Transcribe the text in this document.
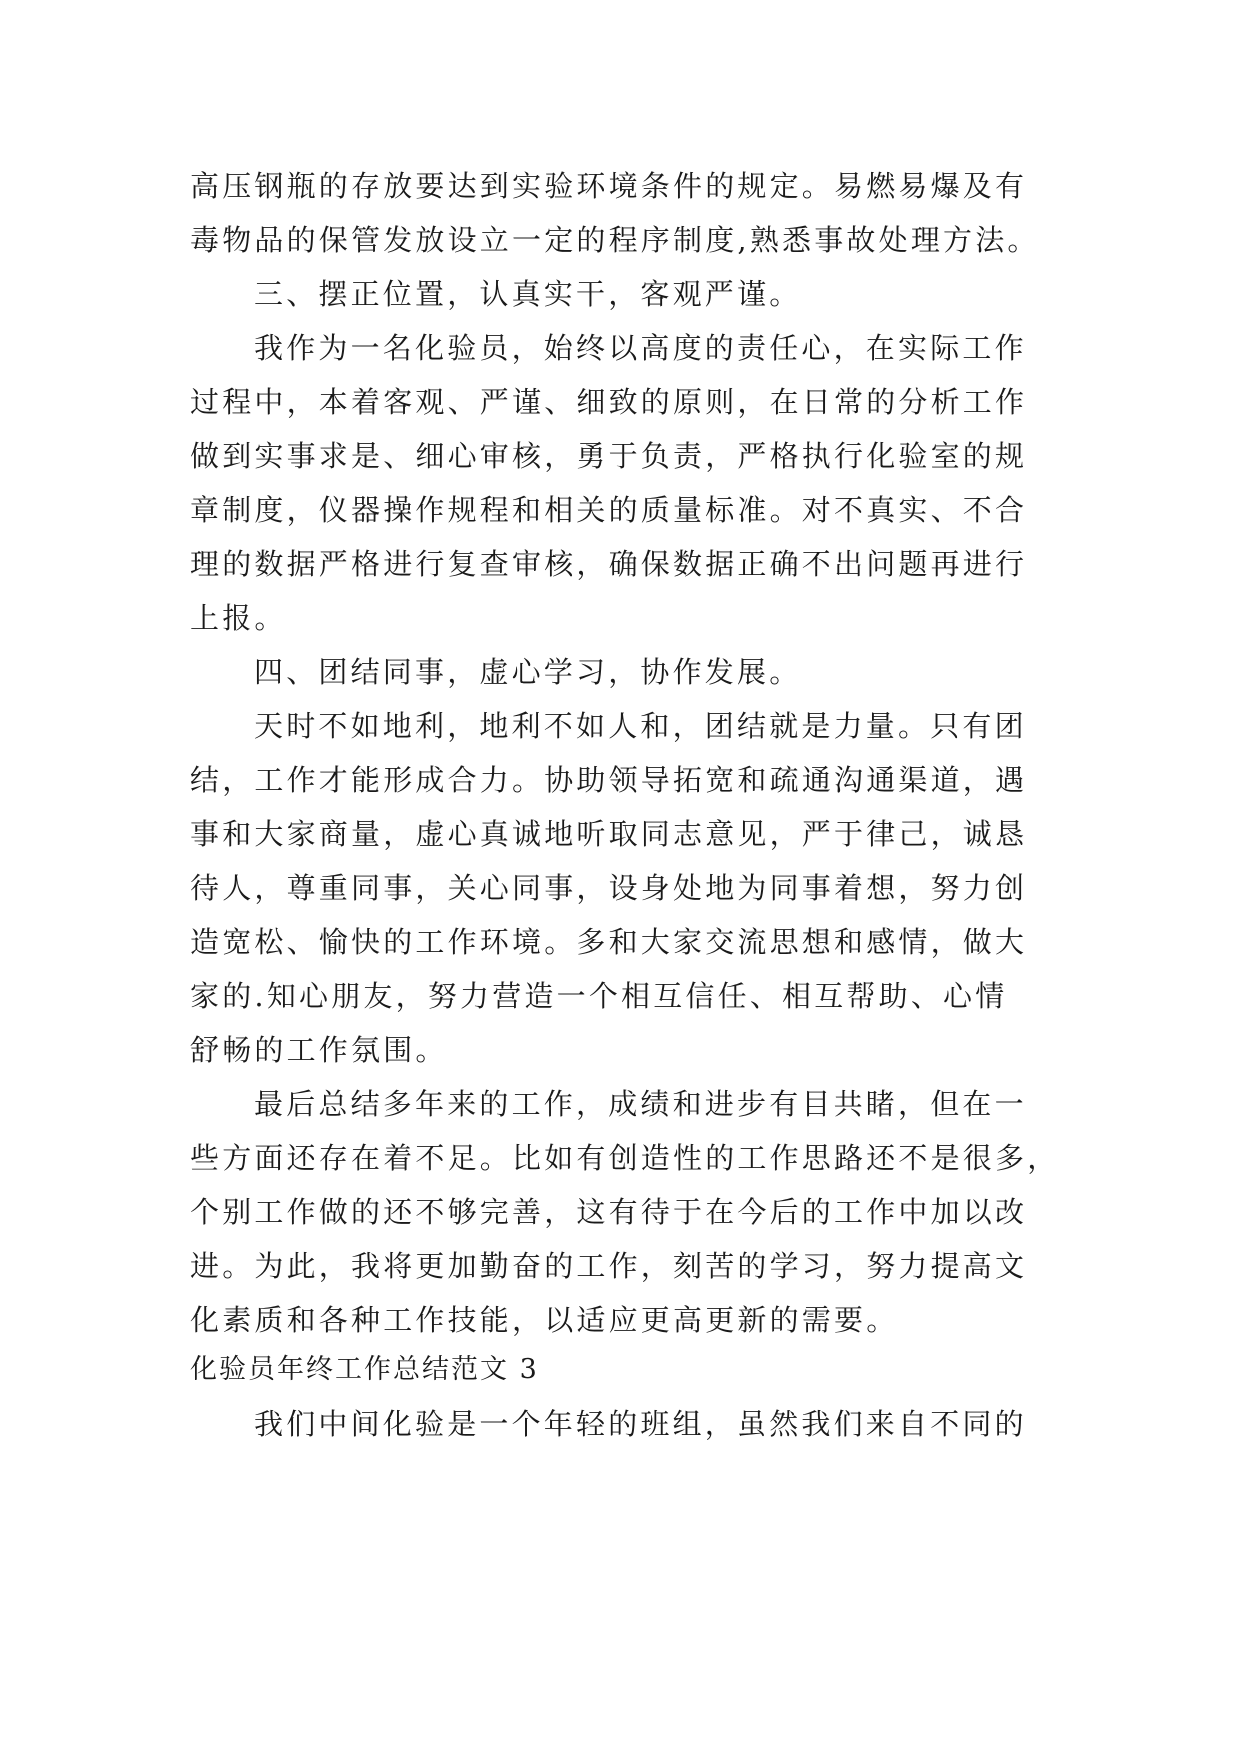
高压钢瓶的存放要达到实验环境条件的规定。易燃易爆及有
毒物品的保管发放设立一定的程序制度,熟悉事故处理方法。
三、摆正位置，认真实干，客观严谨。
我作为一名化验员，始终以高度的责任心，在实际工作
过程中，本着客观、严谨、细致的原则，在日常的分析工作
做到实事求是、细心审核，勇于负责，严格执行化验室的规
章制度，仪器操作规程和相关的质量标准。对不真实、不合
理的数据严格进行复查审核，确保数据正确不出问题再进行
上报。
四、团结同事，虚心学习，协作发展。
天时不如地利，地利不如人和，团结就是力量。只有团
结，工作才能形成合力。协助领导拓宽和疏通沟通渠道，遇
事和大家商量，虚心真诚地听取同志意见，严于律己，诚恳
待人，尊重同事，关心同事，设身处地为同事着想，努力创
造宽松、愉快的工作环境。多和大家交流思想和感情，做大
家的.知心朋友，努力营造一个相互信任、相互帮助、心情
舒畅的工作氛围。
最后总结多年来的工作，成绩和进步有目共睹，但在一
些方面还存在着不足。比如有创造性的工作思路还不是很多，
个别工作做的还不够完善，这有待于在今后的工作中加以改
进。为此，我将更加勤奋的工作，刻苦的学习，努力提高文
化素质和各种工作技能，以适应更高更新的需要。
化验员年终工作总结范文 3
我们中间化验是一个年轻的班组，虽然我们来自不同的
